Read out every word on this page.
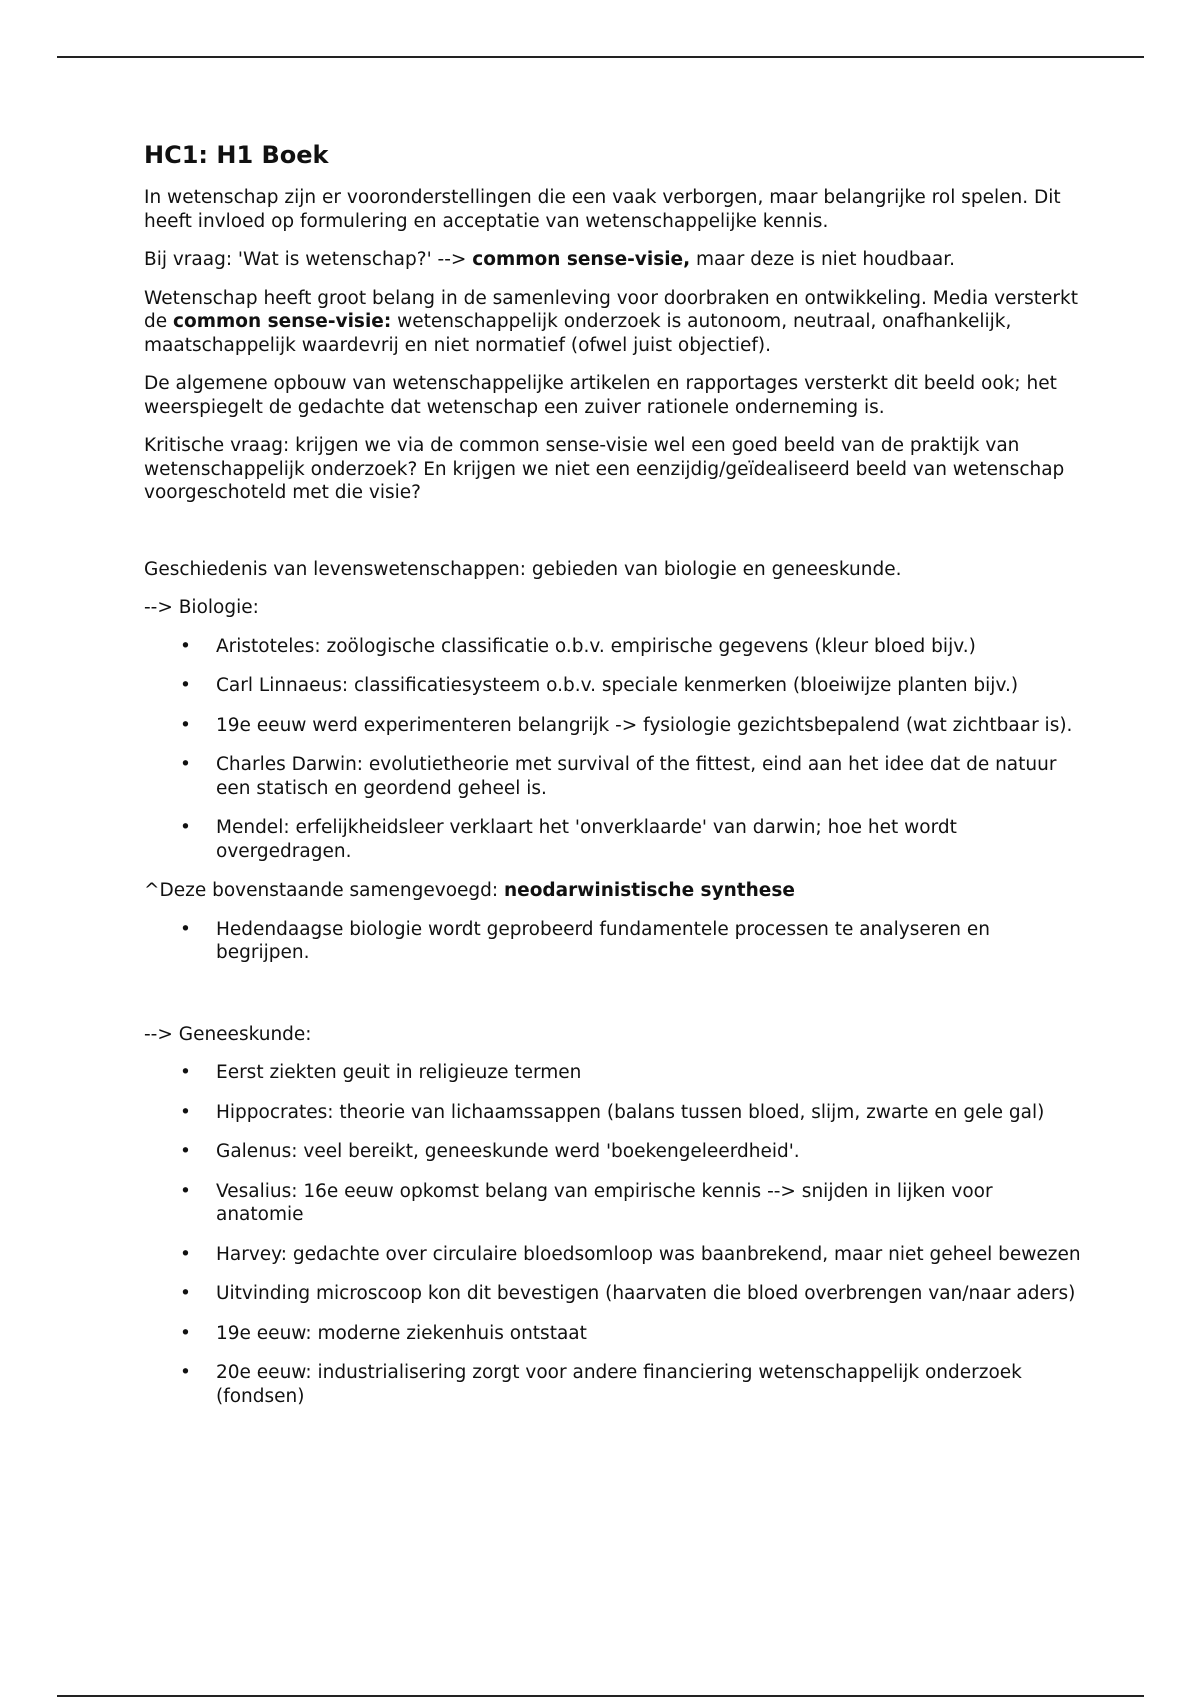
HC1: H1 Boek

In wetenschap zijn er vooronderstellingen die een vaak verborgen, maar belangrijke rol spelen. Dit heeft invloed op formulering en acceptatie van wetenschappelijke kennis.

Bij vraag: 'Wat is wetenschap?' --> common sense-visie, maar deze is niet houdbaar.

Wetenschap heeft groot belang in de samenleving voor doorbraken en ontwikkeling. Media versterkt de common sense-visie: wetenschappelijk onderzoek is autonoom, neutraal, onafhankelijk, maatschappelijk waardevrij en niet normatief (ofwel juist objectief).

De algemene opbouw van wetenschappelijke artikelen en rapportages versterkt dit beeld ook; het weerspiegelt de gedachte dat wetenschap een zuiver rationele onderneming is.

Kritische vraag: krijgen we via de common sense-visie wel een goed beeld van de praktijk van wetenschappelijk onderzoek? En krijgen we niet een eenzijdig/geïdealiseerd beeld van wetenschap voorgeschoteld met die visie?

Geschiedenis van levenswetenschappen: gebieden van biologie en geneeskunde.

--> Biologie:

• Aristoteles: zoölogische classificatie o.b.v. empirische gegevens (kleur bloed bijv.)
• Carl Linnaeus: classificatiesysteem o.b.v. speciale kenmerken (bloeiwijze planten bijv.)
• 19e eeuw werd experimenteren belangrijk -> fysiologie gezichtsbepalend (wat zichtbaar is).
• Charles Darwin: evolutietheorie met survival of the fittest, eind aan het idee dat de natuur een statisch en geordend geheel is.
• Mendel: erfelijkheidsleer verklaart het 'onverklaarde' van darwin; hoe het wordt overgedragen.

^Deze bovenstaande samengevoegd: neodarwinistische synthese

• Hedendaagse biologie wordt geprobeerd fundamentele processen te analyseren en begrijpen.

--> Geneeskunde:

• Eerst ziekten geuit in religieuze termen
• Hippocrates: theorie van lichaamssappen (balans tussen bloed, slijm, zwarte en gele gal)
• Galenus: veel bereikt, geneeskunde werd 'boekengeleerdheid'.
• Vesalius: 16e eeuw opkomst belang van empirische kennis --> snijden in lijken voor anatomie
• Harvey: gedachte over circulaire bloedsomloop was baanbrekend, maar niet geheel bewezen
• Uitvinding microscoop kon dit bevestigen (haarvaten die bloed overbrengen van/naar aders)
• 19e eeuw: moderne ziekenhuis ontstaat
• 20e eeuw: industrialisering zorgt voor andere financiering wetenschappelijk onderzoek (fondsen)
